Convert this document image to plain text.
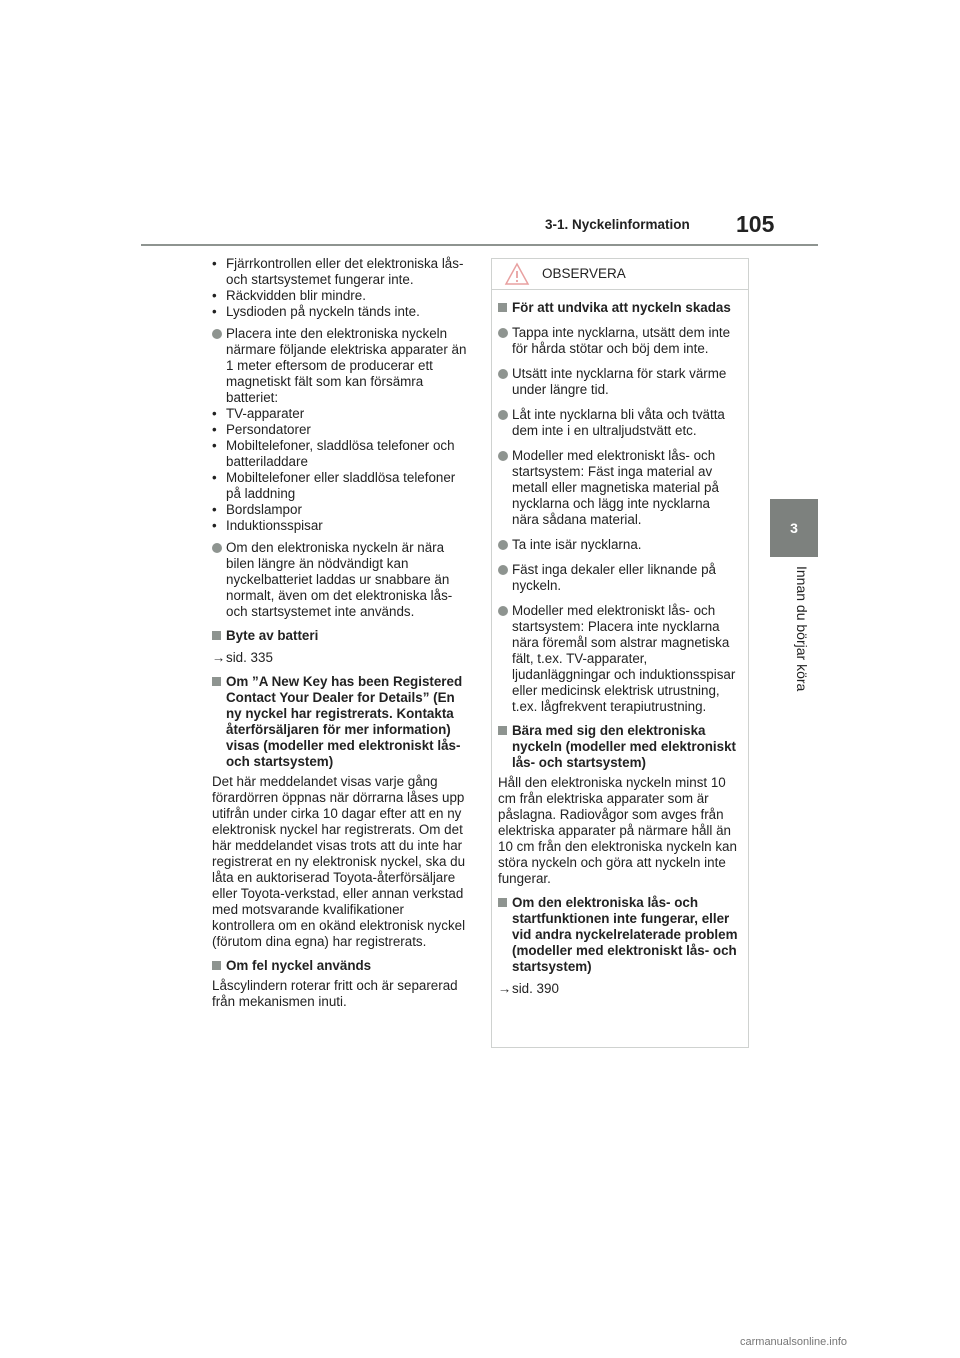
3-1. Nyckelinformation 105
3
Innan du börjar köra
• Fjärrkontrollen eller det elektroniska lås- och startsystemet fungerar inte.
• Räckvidden blir mindre.
• Lysdioden på nyckeln tänds inte.
Placera inte den elektroniska nyckeln närmare följande elektriska apparater än 1 meter eftersom de producerar ett magnetiskt fält som kan försämra batteriet:
• TV-apparater
• Persondatorer
• Mobiltelefoner, sladdlösa telefoner och batteriladdare
• Mobiltelefoner eller sladdlösa telefoner på laddning
• Bordslampor
• Induktionsspisar
Om den elektroniska nyckeln är nära bilen längre än nödvändigt kan nyckelbatteriet laddas ur snabbare än normalt, även om det elektroniska lås- och startsystemet inte används.
Byte av batteri
→sid. 335
Om ”A New Key has been Registered Contact Your Dealer for Details” (En ny nyckel har registrerats. Kontakta återförsäljaren för mer information) visas (modeller med elektroniskt lås- och startsystem)
Det här meddelandet visas varje gång förardörren öppnas när dörrarna låses upp utifrån under cirka 10 dagar efter att en ny elektronisk nyckel har registrerats. Om det här meddelandet visas trots att du inte har registrerat en ny elektronisk nyckel, ska du låta en auktoriserad Toyota-återförsäljare eller Toyota-verkstad, eller annan verkstad med motsvarande kvalifikationer kontrollera om en okänd elektronisk nyckel (förutom dina egna) har registrerats.
Om fel nyckel används
Låscylindern roterar fritt och är separerad från mekanismen inuti.
OBSERVERA
För att undvika att nyckeln skadas
Tappa inte nycklarna, utsätt dem inte för hårda stötar och böj dem inte.
Utsätt inte nycklarna för stark värme under längre tid.
Låt inte nycklarna bli våta och tvätta dem inte i en ultraljudstvätt etc.
Modeller med elektroniskt lås- och startsystem: Fäst inga material av metall eller magnetiska material på nycklarna och lägg inte nycklarna nära sådana material.
Ta inte isär nycklarna.
Fäst inga dekaler eller liknande på nyckeln.
Modeller med elektroniskt lås- och startsystem: Placera inte nycklarna nära föremål som alstrar magnetiska fält, t.ex. TV-apparater, ljudanläggningar och induktionsspisar eller medicinsk elektrisk utrustning, t.ex. lågfrekvent terapiutrustning.
Bära med sig den elektroniska nyckeln (modeller med elektroniskt lås- och startsystem)
Håll den elektroniska nyckeln minst 10 cm från elektriska apparater som är påslagna. Radiovågor som avges från elektriska apparater på närmare håll än 10 cm från den elektroniska nyckeln kan störa nyckeln och göra att nyckeln inte fungerar.
Om den elektroniska lås- och startfunktionen inte fungerar, eller vid andra nyckelrelaterade problem (modeller med elektroniskt lås- och startsystem)
→sid. 390
carmanualsonline.info
